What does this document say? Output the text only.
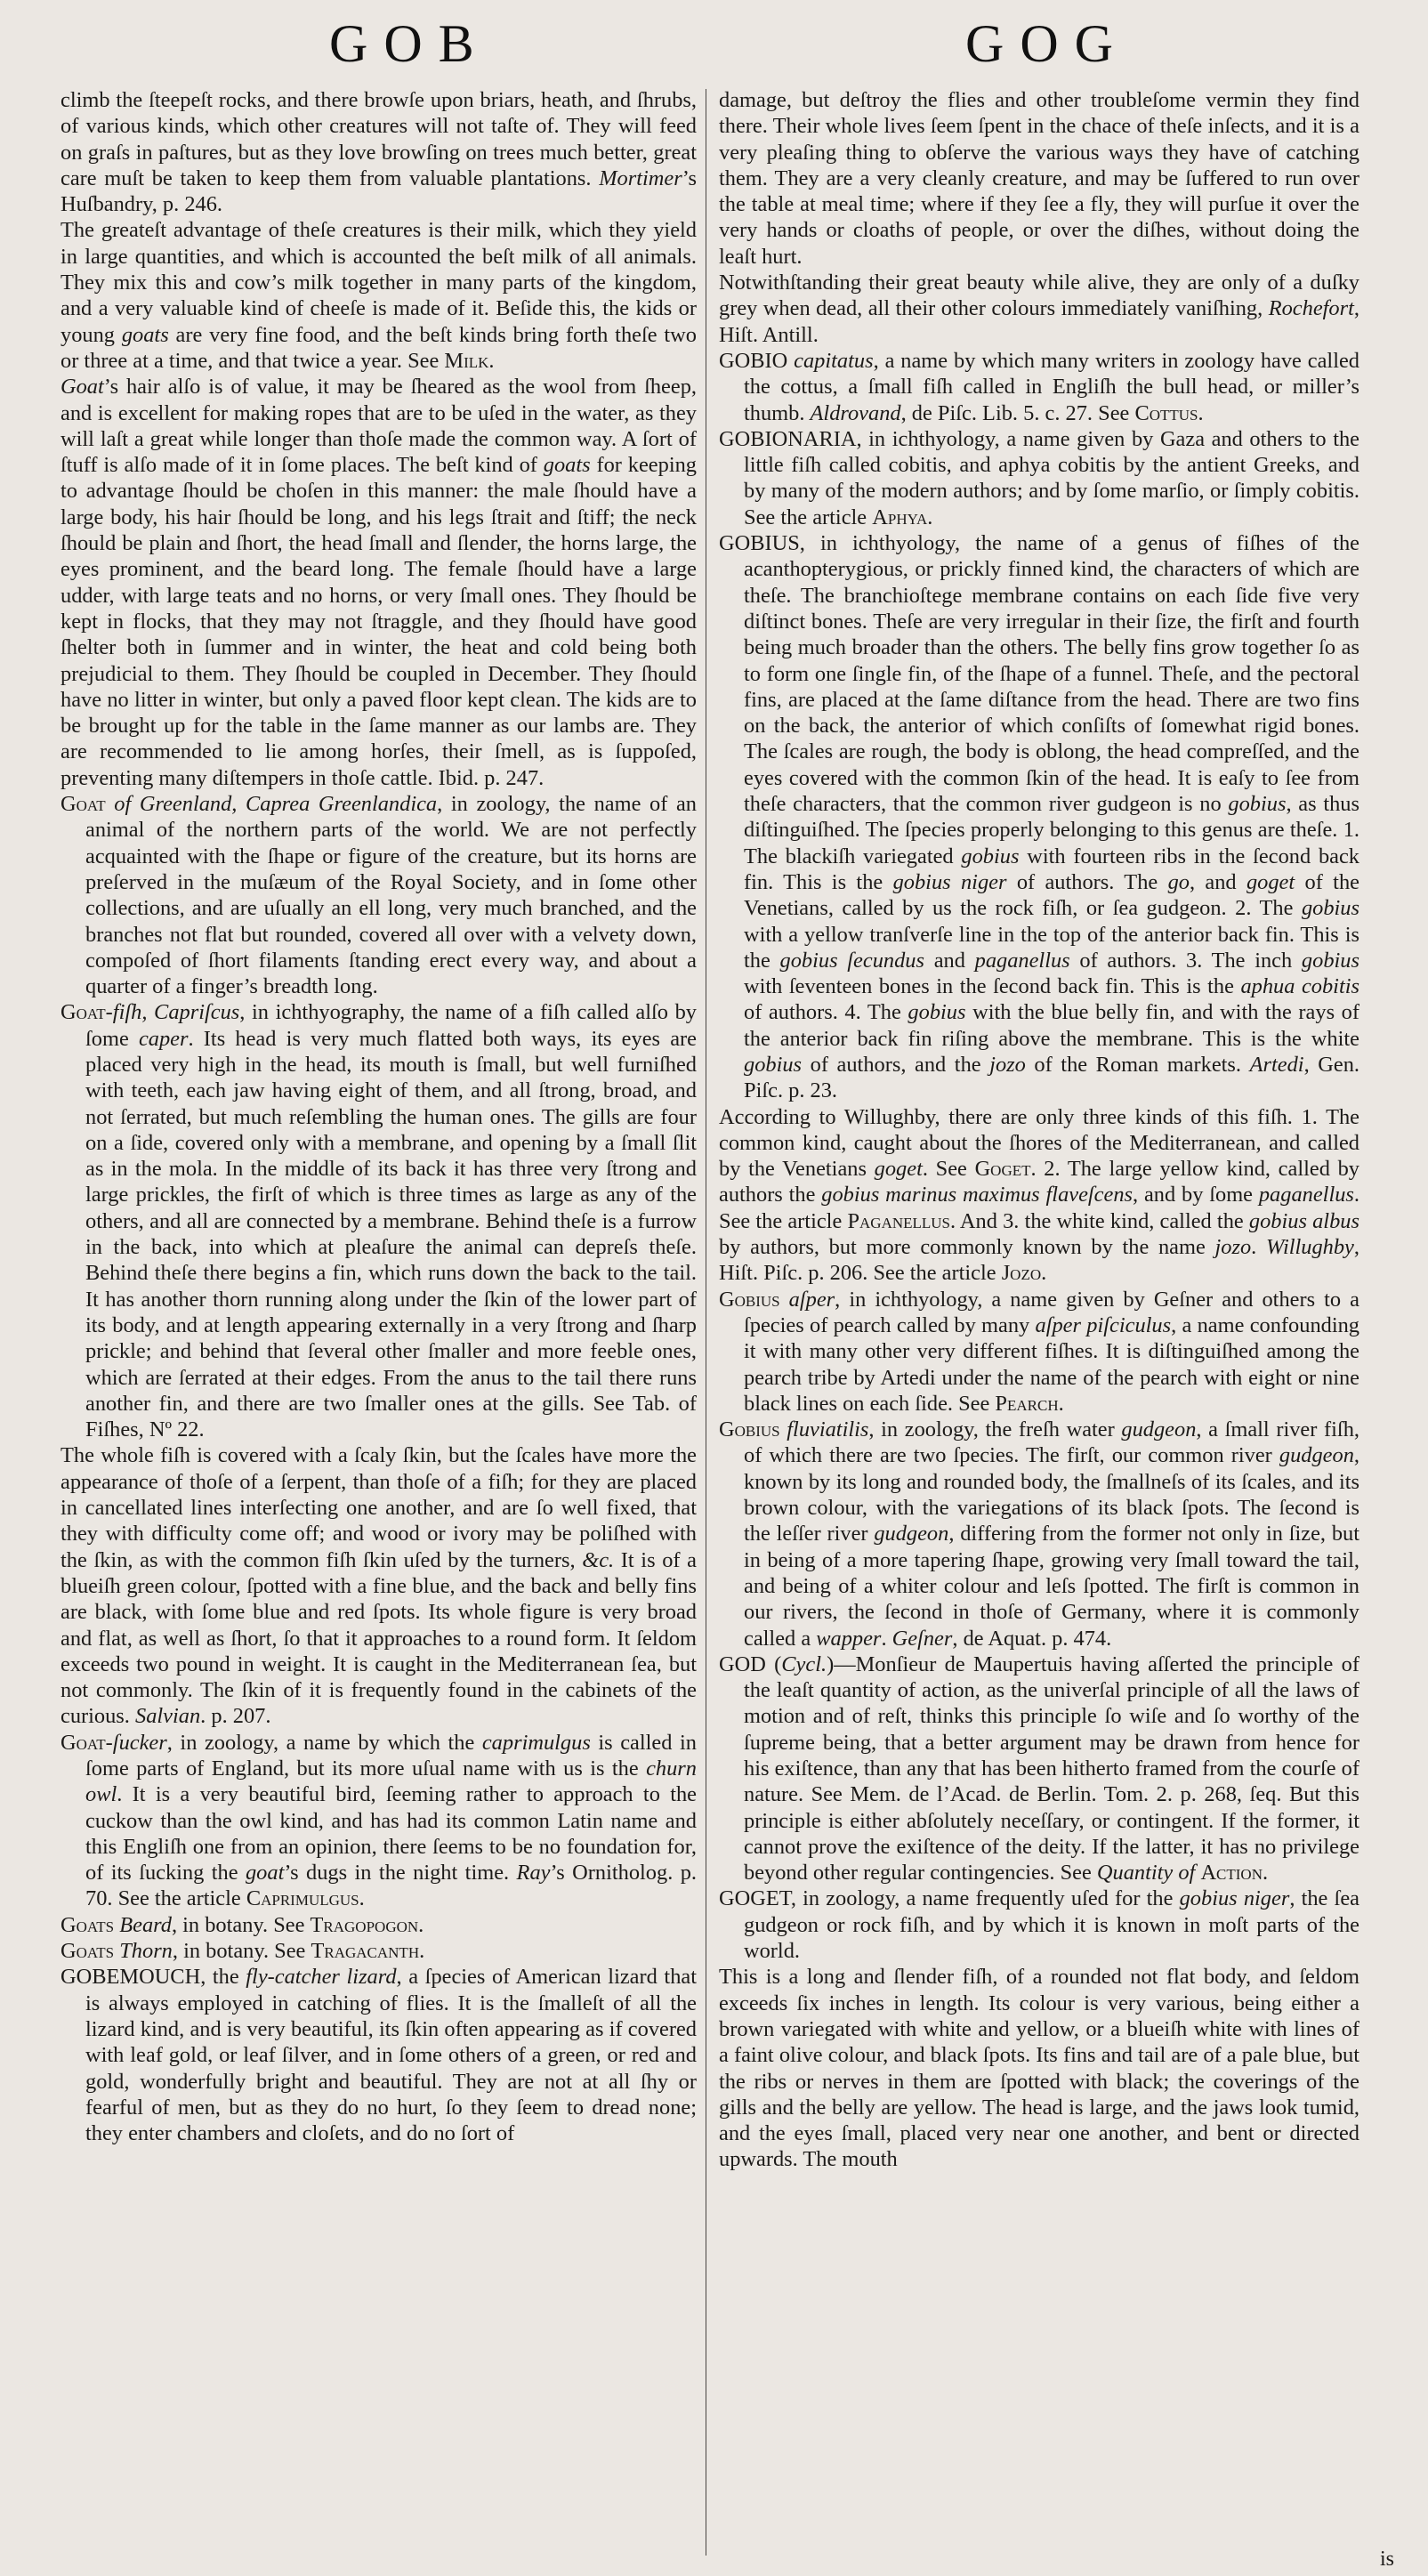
GOB	GOG

climb the ſteepeſt rocks, and there browſe upon briars, heath, and ſhrubs, of various kinds, which other creatures will not taſte of. They will feed on graſs in paſtures, but as they love browſing on trees much better, great care muſt be taken to keep them from valuable plantations. Mortimer’s Huſbandry, p. 246.

The greateſt advantage of theſe creatures is their milk, which they yield in large quantities, and which is accounted the beſt milk of all animals. They mix this and cow’s milk together in many parts of the kingdom, and a very valuable kind of cheeſe is made of it. Beſide this, the kids or young goats are very fine food, and the beſt kinds bring forth theſe two or three at a time, and that twice a year. See Milk.

Goat’s hair alſo is of value, it may be ſheared as the wool from ſheep, and is excellent for making ropes that are to be uſed in the water, as they will laſt a great while longer than thoſe made the common way. A ſort of ſtuff is alſo made of it in ſome places. The beſt kind of goats for keeping to advantage ſhould be choſen in this manner: the male ſhould have a large body, his hair ſhould be long, and his legs ſtrait and ſtiff; the neck ſhould be plain and ſhort, the head ſmall and ſlender, the horns large, the eyes prominent, and the beard long. The female ſhould have a large udder, with large teats and no horns, or very ſmall ones. They ſhould be kept in flocks, that they may not ſtraggle, and they ſhould have good ſhelter both in ſummer and in winter, the heat and cold being both prejudicial to them. They ſhould be coupled in December. They ſhould have no litter in winter, but only a paved floor kept clean. The kids are to be brought up for the table in the ſame manner as our lambs are. They are recommended to lie among horſes, their ſmell, as is ſuppoſed, preventing many diſtempers in thoſe cattle. Ibid. p. 247.

Goat of Greenland, Caprea Greenlandica, in zoology, the name of an animal of the northern parts of the world. We are not perfectly acquainted with the ſhape or figure of the creature, but its horns are preſerved in the muſæum of the Royal Society, and in ſome other collections, and are uſually an ell long, very much branched, and the branches not flat but rounded, covered all over with a velvety down, compoſed of ſhort filaments ſtanding erect every way, and about a quarter of a finger’s breadth long.

Goat-fiſh, Capriſcus, in ichthyography, the name of a fiſh called alſo by ſome caper. Its head is very much flatted both ways, its eyes are placed very high in the head, its mouth is ſmall, but well furniſhed with teeth, each jaw having eight of them, and all ſtrong, broad, and not ſerrated, but much reſembling the human ones. The gills are four on a ſide, covered only with a membrane, and opening by a ſmall ſlit as in the mola. In the middle of its back it has three very ſtrong and large prickles, the firſt of which is three times as large as any of the others, and all are connected by a membrane. Behind theſe is a furrow in the back, into which at pleaſure the animal can depreſs theſe. Behind theſe there begins a fin, which runs down the back to the tail. It has another thorn running along under the ſkin of the lower part of its body, and at length appearing externally in a very ſtrong and ſharp prickle; and behind that ſeveral other ſmaller and more feeble ones, which are ſerrated at their edges. From the anus to the tail there runs another fin, and there are two ſmaller ones at the gills. See Tab. of Fiſhes, Nº 22.

The whole fiſh is covered with a ſcaly ſkin, but the ſcales have more the appearance of thoſe of a ſerpent, than thoſe of a fiſh; for they are placed in cancellated lines interſecting one another, and are ſo well fixed, that they with difficulty come off; and wood or ivory may be poliſhed with the ſkin, as with the common fiſh ſkin uſed by the turners, &c. It is of a blueiſh green colour, ſpotted with a fine blue, and the back and belly fins are black, with ſome blue and red ſpots. Its whole figure is very broad and flat, as well as ſhort, ſo that it approaches to a round form. It ſeldom exceeds two pound in weight. It is caught in the Mediterranean ſea, but not commonly. The ſkin of it is frequently found in the cabinets of the curious. Salvian. p. 207.

Goat-ſucker, in zoology, a name by which the caprimulgus is called in ſome parts of England, but its more uſual name with us is the churn owl. It is a very beautiful bird, ſeeming rather to approach to the cuckow than the owl kind, and has had its common Latin name and this Engliſh one from an opinion, there ſeems to be no foundation for, of its ſucking the goat’s dugs in the night time. Ray’s Ornitholog. p. 70. See the article Caprimulgus.

Goats Beard, in botany. See Tragopogon.

Goats Thorn, in botany. See Tragacanth.

GOBEMOUCH, the fly-catcher lizard, a ſpecies of American lizard that is always employed in catching of flies. It is the ſmalleſt of all the lizard kind, and is very beautiful, its ſkin often appearing as if covered with leaf gold, or leaf ſilver, and in ſome others of a green, or red and gold, wonderfully bright and beautiful. They are not at all ſhy or fearful of men, but as they do no hurt, ſo they ſeem to dread none; they enter chambers and cloſets, and do no ſort of

damage, but deſtroy the flies and other troubleſome vermin they find there. Their whole lives ſeem ſpent in the chace of theſe inſects, and it is a very pleaſing thing to obſerve the various ways they have of catching them. They are a very cleanly creature, and may be ſuffered to run over the table at meal time; where if they ſee a fly, they will purſue it over the very hands or cloaths of people, or over the diſhes, without doing the leaſt hurt.

Notwithſtanding their great beauty while alive, they are only of a duſky grey when dead, all their other colours immediately vaniſhing, Rochefort, Hiſt. Antill.

GOBIO capitatus, a name by which many writers in zoology have called the cottus, a ſmall fiſh called in Engliſh the bull head, or miller’s thumb. Aldrovand, de Piſc. Lib. 5. c. 27. See Cottus.

GOBIONARIA, in ichthyology, a name given by Gaza and others to the little fiſh called cobitis, and aphya cobitis by the antient Greeks, and by many of the modern authors; and by ſome marſio, or ſimply cobitis. See the article Aphya.

GOBIUS, in ichthyology, the name of a genus of fiſhes of the acanthopterygious, or prickly finned kind, the characters of which are theſe. The branchioſtege membrane contains on each ſide five very diſtinct bones. Theſe are very irregular in their ſize, the firſt and fourth being much broader than the others. The belly fins grow together ſo as to form one ſingle fin, of the ſhape of a funnel. Theſe, and the pectoral fins, are placed at the ſame diſtance from the head. There are two fins on the back, the anterior of which conſiſts of ſomewhat rigid bones. The ſcales are rough, the body is oblong, the head compreſſed, and the eyes covered with the common ſkin of the head. It is eaſy to ſee from theſe characters, that the common river gudgeon is no gobius, as thus diſtinguiſhed. The ſpecies properly belonging to this genus are theſe. 1. The blackiſh variegated gobius with fourteen ribs in the ſecond back fin. This is the gobius niger of authors. The go, and goget of the Venetians, called by us the rock fiſh, or ſea gudgeon. 2. The gobius with a yellow tranſverſe line in the top of the anterior back fin. This is the gobius ſecundus and paganellus of authors. 3. The inch gobius with ſeventeen bones in the ſecond back fin. This is the aphua cobitis of authors. 4. The gobius with the blue belly fin, and with the rays of the anterior back fin riſing above the membrane. This is the white gobius of authors, and the jozo of the Roman markets. Artedi, Gen. Piſc. p. 23.

According to Willughby, there are only three kinds of this fiſh. 1. The common kind, caught about the ſhores of the Mediterranean, and called by the Venetians goget. See Goget. 2. The large yellow kind, called by authors the gobius marinus maximus flaveſcens, and by ſome paganellus. See the article Paganellus. And 3. the white kind, called the gobius albus by authors, but more commonly known by the name jozo. Willughby, Hiſt. Piſc. p. 206. See the article Jozo.

Gobius aſper, in ichthyology, a name given by Geſner and others to a ſpecies of pearch called by many aſper piſciculus, a name confounding it with many other very different fiſhes. It is diſtinguiſhed among the pearch tribe by Artedi under the name of the pearch with eight or nine black lines on each ſide. See Pearch.

Gobius fluviatilis, in zoology, the freſh water gudgeon, a ſmall river fiſh, of which there are two ſpecies. The firſt, our common river gudgeon, known by its long and rounded body, the ſmallneſs of its ſcales, and its brown colour, with the variegations of its black ſpots. The ſecond is the leſſer river gudgeon, differing from the former not only in ſize, but in being of a more tapering ſhape, growing very ſmall toward the tail, and being of a whiter colour and leſs ſpotted. The firſt is common in our rivers, the ſecond in thoſe of Germany, where it is commonly called a wapper. Geſner, de Aquat. p. 474.

GOD (Cycl.)—Monſieur de Maupertuis having aſſerted the principle of the leaſt quantity of action, as the univerſal principle of all the laws of motion and of reſt, thinks this principle ſo wiſe and ſo worthy of the ſupreme being, that a better argument may be drawn from hence for his exiſtence, than any that has been hitherto framed from the courſe of nature. See Mem. de l’Acad. de Berlin. Tom. 2. p. 268, ſeq. But this principle is either abſolutely neceſſary, or contingent. If the former, it cannot prove the exiſtence of the deity. If the latter, it has no privilege beyond other regular contingencies. See Quantity of Action.

GOGET, in zoology, a name frequently uſed for the gobius niger, the ſea gudgeon or rock fiſh, and by which it is known in moſt parts of the world.

This is a long and ſlender fiſh, of a rounded not flat body, and ſeldom exceeds ſix inches in length. Its colour is very various, being either a brown variegated with white and yellow, or a blueiſh white with lines of a faint olive colour, and black ſpots. Its fins and tail are of a pale blue, but the ribs or nerves in them are ſpotted with black; the coverings of the gills and the belly are yellow. The head is large, and the jaws look tumid, and the eyes ſmall, placed very near one another, and bent or directed upwards. The mouth

is
